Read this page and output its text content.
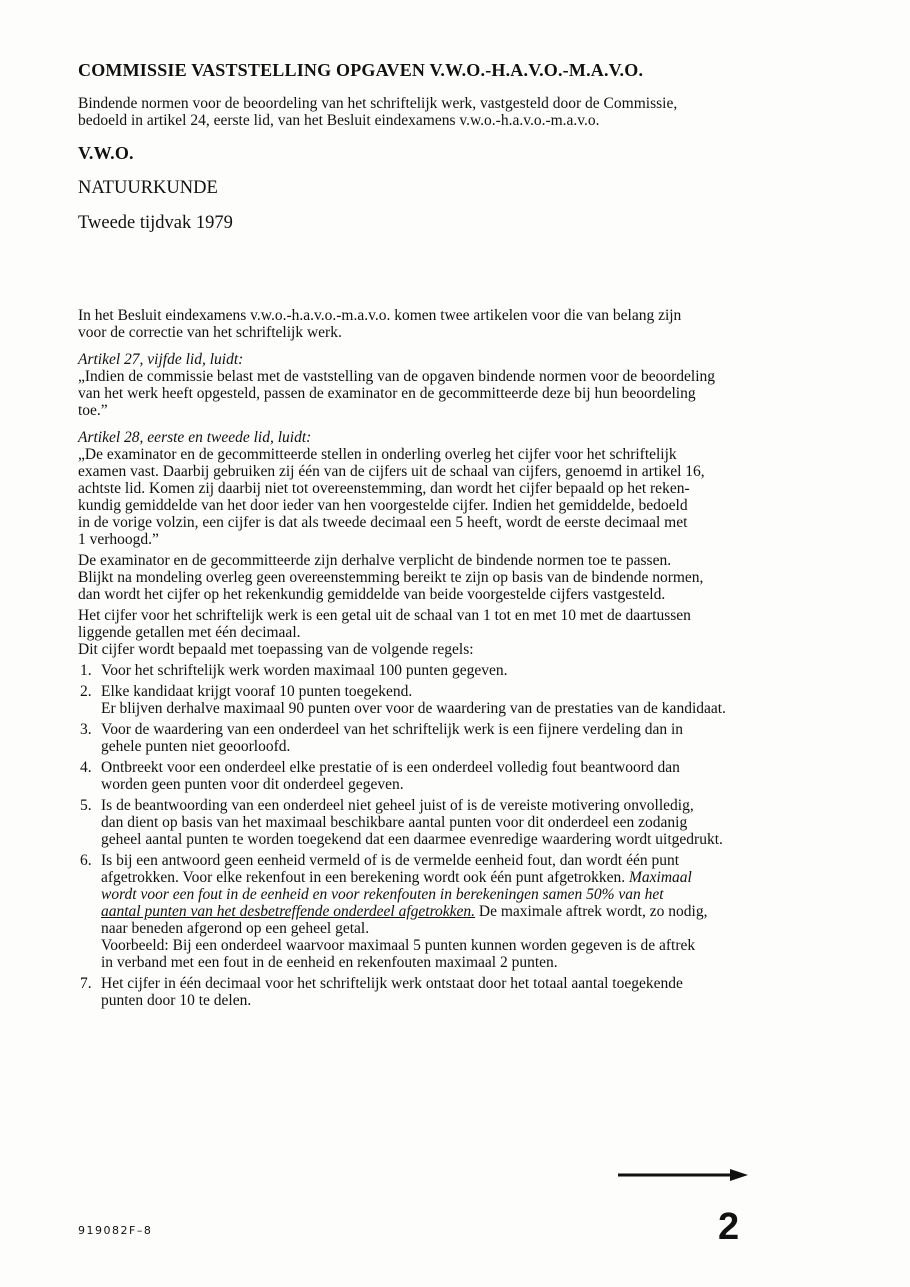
COMMISSIE VASTSTELLING OPGAVEN V.W.O.-H.A.V.O.-M.A.V.O.

Bindende normen voor de beoordeling van het schriftelijk werk, vastgesteld door de Commissie,
bedoeld in artikel 24, eerste lid, van het Besluit eindexamens v.w.o.-h.a.v.o.-m.a.v.o.

V.W.O.
NATUURKUNDE
Tweede tijdvak 1979

In het Besluit eindexamens v.w.o.-h.a.v.o.-m.a.v.o. komen twee artikelen voor die van belang zijn
voor de correctie van het schriftelijk werk.

Artikel 27, vijfde lid, luidt:

„Indien de commissie belast met de vaststelling van de opgaven bindende normen voor de beoordeling
van het werk heeft opgesteld, passen de examinator en de gecommitteerde deze bij hun beoordeling
toe.”

Artikel 28, eerste en tweede lid, luidt:

„De examinator en de gecommitteerde stellen in onderling overleg het cijfer voor het schriftelijk
examen vast. Daarbij gebruiken zij één van de cijfers uit de schaal van cijfers, genoemd in artikel 16,
achtste lid. Komen zij daarbij niet tot overeenstemming, dan wordt het cijfer bepaald op het reken-
kundig gemiddelde van het door ieder van hen voorgestelde cijfer. Indien het gemiddelde, bedoeld
in de vorige volzin, een cijfer is dat als tweede decimaal een 5 heeft, wordt de eerste decimaal met
1 verhoogd.”

De examinator en de gecommitteerde zijn derhalve verplicht de bindende normen toe te passen.
Blijkt na mondeling overleg geen overeenstemming bereikt te zijn op basis van de bindende normen,
dan wordt het cijfer op het rekenkundig gemiddelde van beide voorgestelde cijfers vastgesteld.

Het cijfer voor het schriftelijk werk is een getal uit de schaal van 1 tot en met 10 met de daartussen
liggende getallen met één decimaal.
Dit cijfer wordt bepaald met toepassing van de volgende regels:

1. Voor het schriftelijk werk worden maximaal 100 punten gegeven.
2. Elke kandidaat krijgt vooraf 10 punten toegekend.
Er blijven derhalve maximaal 90 punten over voor de waardering van de prestaties van de kandidaat.
3. Voor de waardering van een onderdeel van het schriftelijk werk is een fijnere verdeling dan in
gehele punten niet geoorloofd.
4. Ontbreekt voor een onderdeel elke prestatie of is een onderdeel volledig fout beantwoord dan
worden geen punten voor dit onderdeel gegeven.
5. Is de beantwoording van een onderdeel niet geheel juist of is de vereiste motivering onvolledig,
dan dient op basis van het maximaal beschikbare aantal punten voor dit onderdeel een zodanig
geheel aantal punten te worden toegekend dat een daarmee evenredige waardering wordt uitgedrukt.
6. Is bij een antwoord geen eenheid vermeld of is de vermelde eenheid fout, dan wordt één punt
afgetrokken. Voor elke rekenfout in een berekening wordt ook één punt afgetrokken. Maximaal
wordt voor een fout in de eenheid en voor rekenfouten in berekeningen samen 50% van het
aantal punten van het desbetreffende onderdeel afgetrokken. De maximale aftrek wordt, zo nodig,
naar beneden afgerond op een geheel getal.
Voorbeeld: Bij een onderdeel waarvoor maximaal 5 punten kunnen worden gegeven is de aftrek
in verband met een fout in de eenheid en rekenfouten maximaal 2 punten.
7. Het cijfer in één decimaal voor het schriftelijk werk ontstaat door het totaal aantal toegekende
punten door 10 te delen.
919082F–8	2
